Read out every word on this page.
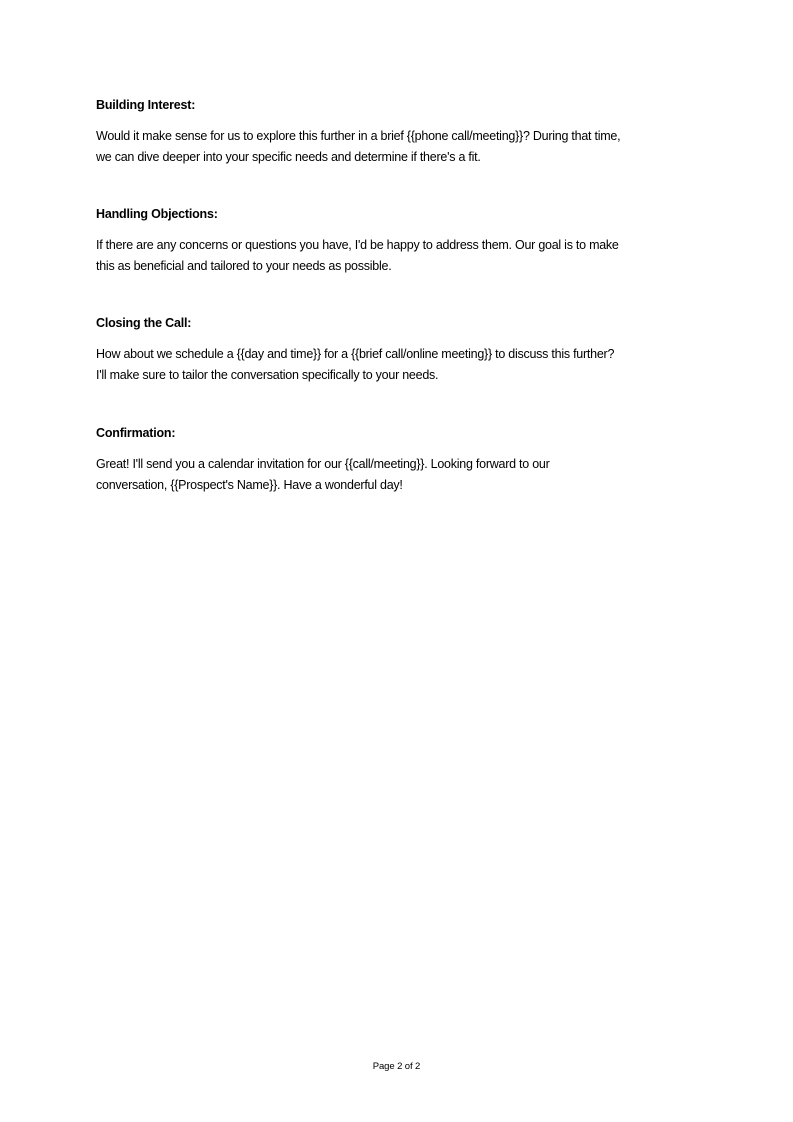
Building Interest:
Would it make sense for us to explore this further in a brief {{phone call/meeting}}? During that time,
we can dive deeper into your specific needs and determine if there's a fit.
Handling Objections:
If there are any concerns or questions you have, I'd be happy to address them. Our goal is to make
this as beneficial and tailored to your needs as possible.
Closing the Call:
How about we schedule a {{day and time}} for a {{brief call/online meeting}} to discuss this further?
I'll make sure to tailor the conversation specifically to your needs.
Confirmation:
Great! I'll send you a calendar invitation for our {{call/meeting}}. Looking forward to our
conversation, {{Prospect's Name}}. Have a wonderful day!
Page 2 of 2
